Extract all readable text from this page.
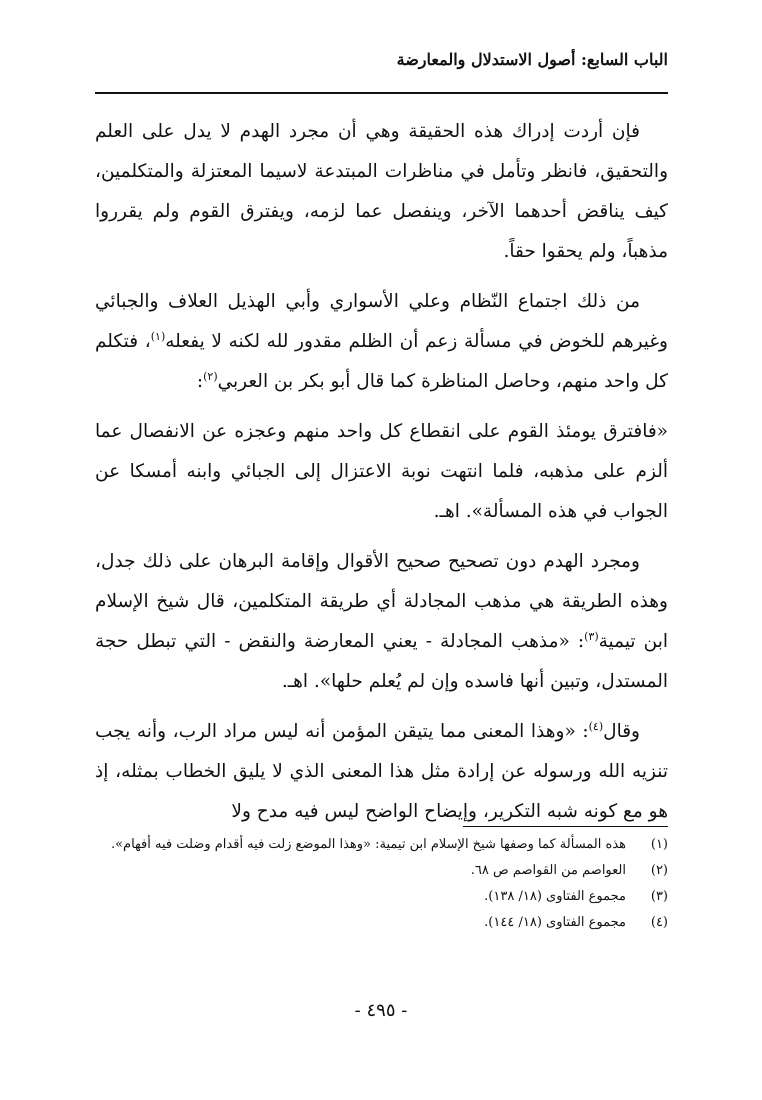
الباب السابع: أصول الاستدلال والمعارضة

فإن أردت إدراك هذه الحقيقة وهي أن مجرد الهدم لا يدل على العلم والتحقيق، فانظر وتأمل في مناظرات المبتدعة لاسيما المعتزلة والمتكلمين، كيف يناقض أحدهما الآخر، وينفصل عما لزمه، ويفترق القوم ولم يقرروا مذهباً، ولم يحقوا حقاً.

من ذلك اجتماع النّظام وعلي الأسواري وأبي الهذيل العلاف والجبائي وغيرهم للخوض في مسألة زعم أن الظلم مقدور لله لكنه لا يفعله$^{(١)}$، فتكلم كل واحد منهم، وحاصل المناظرة كما قال أبو بكر بن العربي$^{(٢)}$:

«فافترق يومئذ القوم على انقطاع كل واحد منهم وعجزه عن الانفصال عما ألزم على مذهبه، فلما انتهت نوبة الاعتزال إلى الجبائي وابنه أمسكا عن الجواب في هذه المسألة». اهـ.

ومجرد الهدم دون تصحيح صحيح الأقوال وإقامة البرهان على ذلك جدل، وهذه الطريقة هي مذهب المجادلة أي طريقة المتكلمين، قال شيخ الإسلام ابن تيمية$^{(٣)}$: «مذهب المجادلة - يعني المعارضة والنقض - التي تبطل حجة المستدل، وتبين أنها فاسده وإن لم يُعلم حلها». اهـ.

وقال$^{(٤)}$: «وهذا المعنى مما يتيقن المؤمن أنه ليس مراد الرب، وأنه يجب تنزيه الله ورسوله عن إرادة مثل هذا المعنى الذي لا يليق الخطاب بمثله، إذ هو مع كونه شبه التكرير، وإيضاح الواضح ليس فيه مدح ولا

(١)
هذه المسألة كما وصفها شيخ الإسلام ابن تيمية: «وهذا الموضع زلت فيه أقدام وضلت فيه أفهام».
(٢)
العواصم من القواصم ص ٦٨.
(٣)
مجموع الفتاوى (١٨/ ١٣٨).
(٤)
مجموع الفتاوى (١٨/ ١٤٤).
- ٤٩٥ -
